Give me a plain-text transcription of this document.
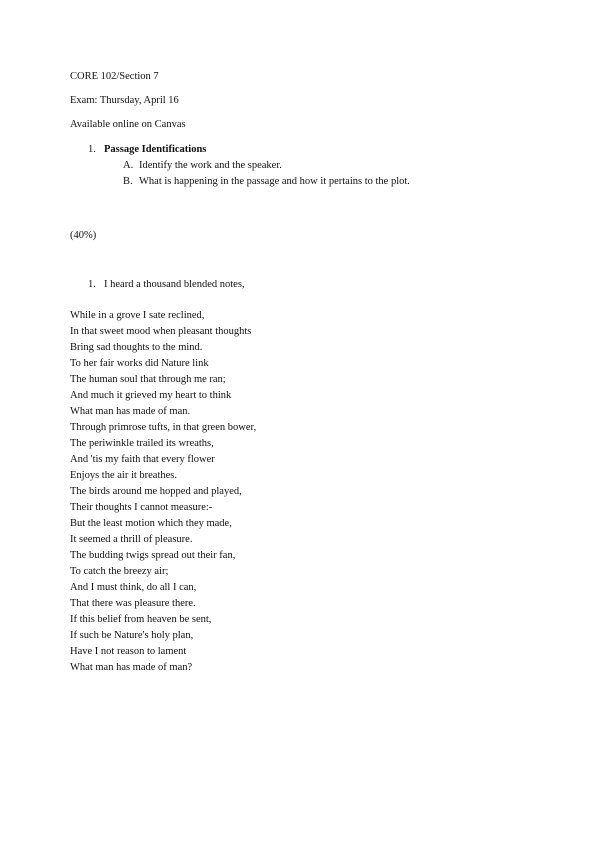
CORE 102/Section 7
Exam: Thursday, April 16
Available online on Canvas
1. Passage Identifications
A. Identify the work and the speaker.
B. What is happening in the passage and how it pertains to the plot.
(40%)
1. I heard a thousand blended notes,
While in a grove I sate reclined,
In that sweet mood when pleasant thoughts
Bring sad thoughts to the mind.
To her fair works did Nature link
The human soul that through me ran;
And much it grieved my heart to think
What man has made of man.
Through primrose tufts, in that green bower,
The periwinkle trailed its wreaths,
And 'tis my faith that every flower
Enjoys the air it breathes.
The birds around me hopped and played,
Their thoughts I cannot measure:-
But the least motion which they made,
It seemed a thrill of pleasure.
The budding twigs spread out their fan,
To catch the breezy air;
And I must think, do all I can,
That there was pleasure there.
If this belief from heaven be sent,
If such be Nature's holy plan,
Have I not reason to lament
What man has made of man?
